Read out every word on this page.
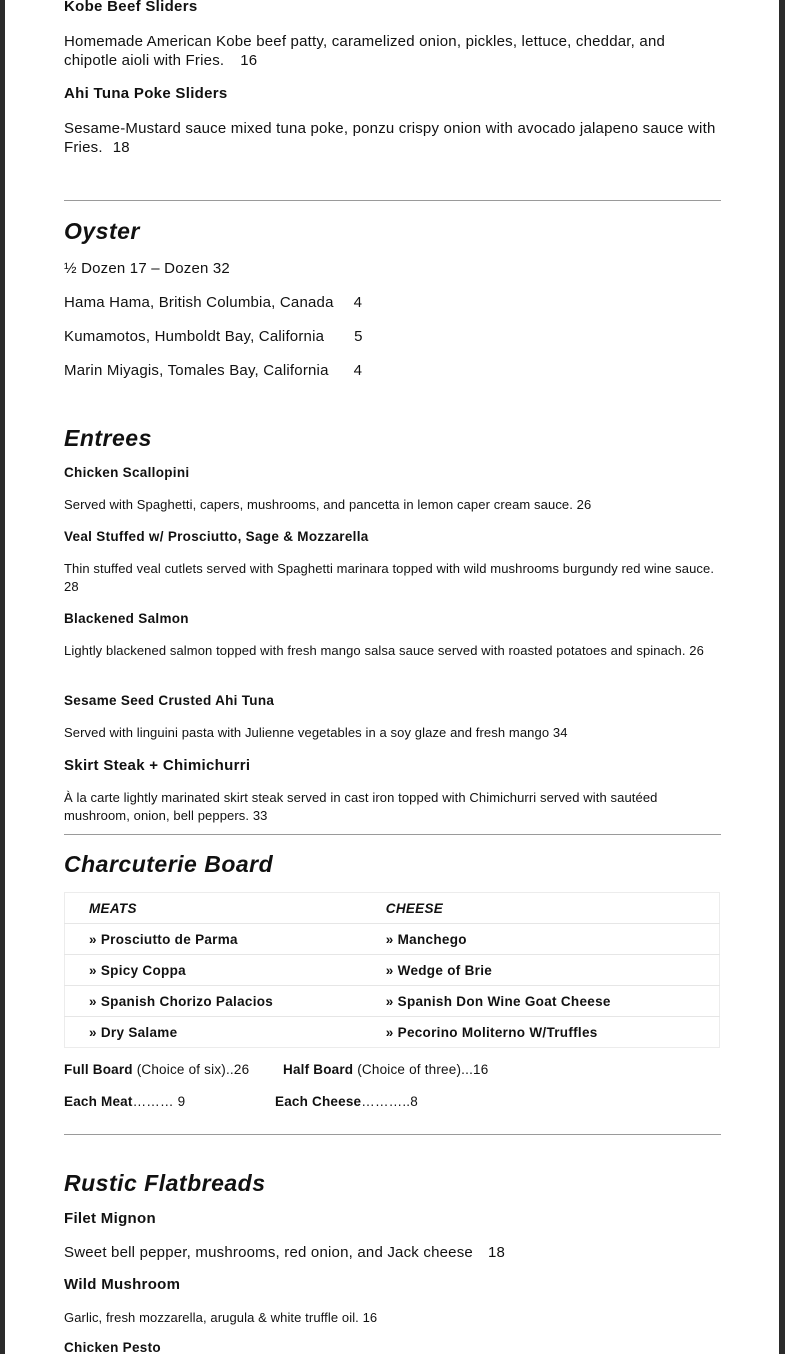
Kobe Beef Sliders

Homemade American Kobe beef patty, caramelized onion, pickles, lettuce, cheddar, and chipotle aioli with Fries. 16

Ahi Tuna Poke Sliders

Sesame-Mustard sauce mixed tuna poke, ponzu crispy onion with avocado jalapeno sauce with Fries. 18

Oyster

½ Dozen 17 – Dozen 32

Hama Hama, British Columbia, Canada 4

Kumamotos, Humboldt Bay, California 5

Marin Miyagis, Tomales Bay, California 4

Entrees

Chicken Scallopini

Served with Spaghetti, capers, mushrooms, and pancetta in lemon caper cream sauce. 26

Veal Stuffed w/ Prosciutto, Sage & Mozzarella

Thin stuffed veal cutlets served with Spaghetti marinara topped with wild mushrooms burgundy red wine sauce. 28

Blackened Salmon

Lightly blackened salmon topped with fresh mango salsa sauce served with roasted potatoes and spinach. 26

Sesame Seed Crusted Ahi Tuna

Served with linguini pasta with Julienne vegetables in a soy glaze and fresh mango 34

Skirt Steak + Chimichurri

À la carte lightly marinated skirt steak served in cast iron topped with Chimichurri served with sautéed mushroom, onion, bell peppers. 33

Charcuterie Board

MEATS	CHEESE
» Prosciutto de Parma	» Manchego
» Spicy Coppa	» Wedge of Brie
» Spanish Chorizo Palacios	» Spanish Don Wine Goat Cheese
» Dry Salame	» Pecorino Moliterno W/Truffles

Full Board (Choice of six)..26 Half Board (Choice of three)...16

Each Meat……… 9	Each Cheese………..8

Rustic Flatbreads

Filet Mignon

Sweet bell pepper, mushrooms, red onion, and Jack cheese 18

Wild Mushroom

Garlic, fresh mozzarella, arugula & white truffle oil. 16

Chicken Pesto
